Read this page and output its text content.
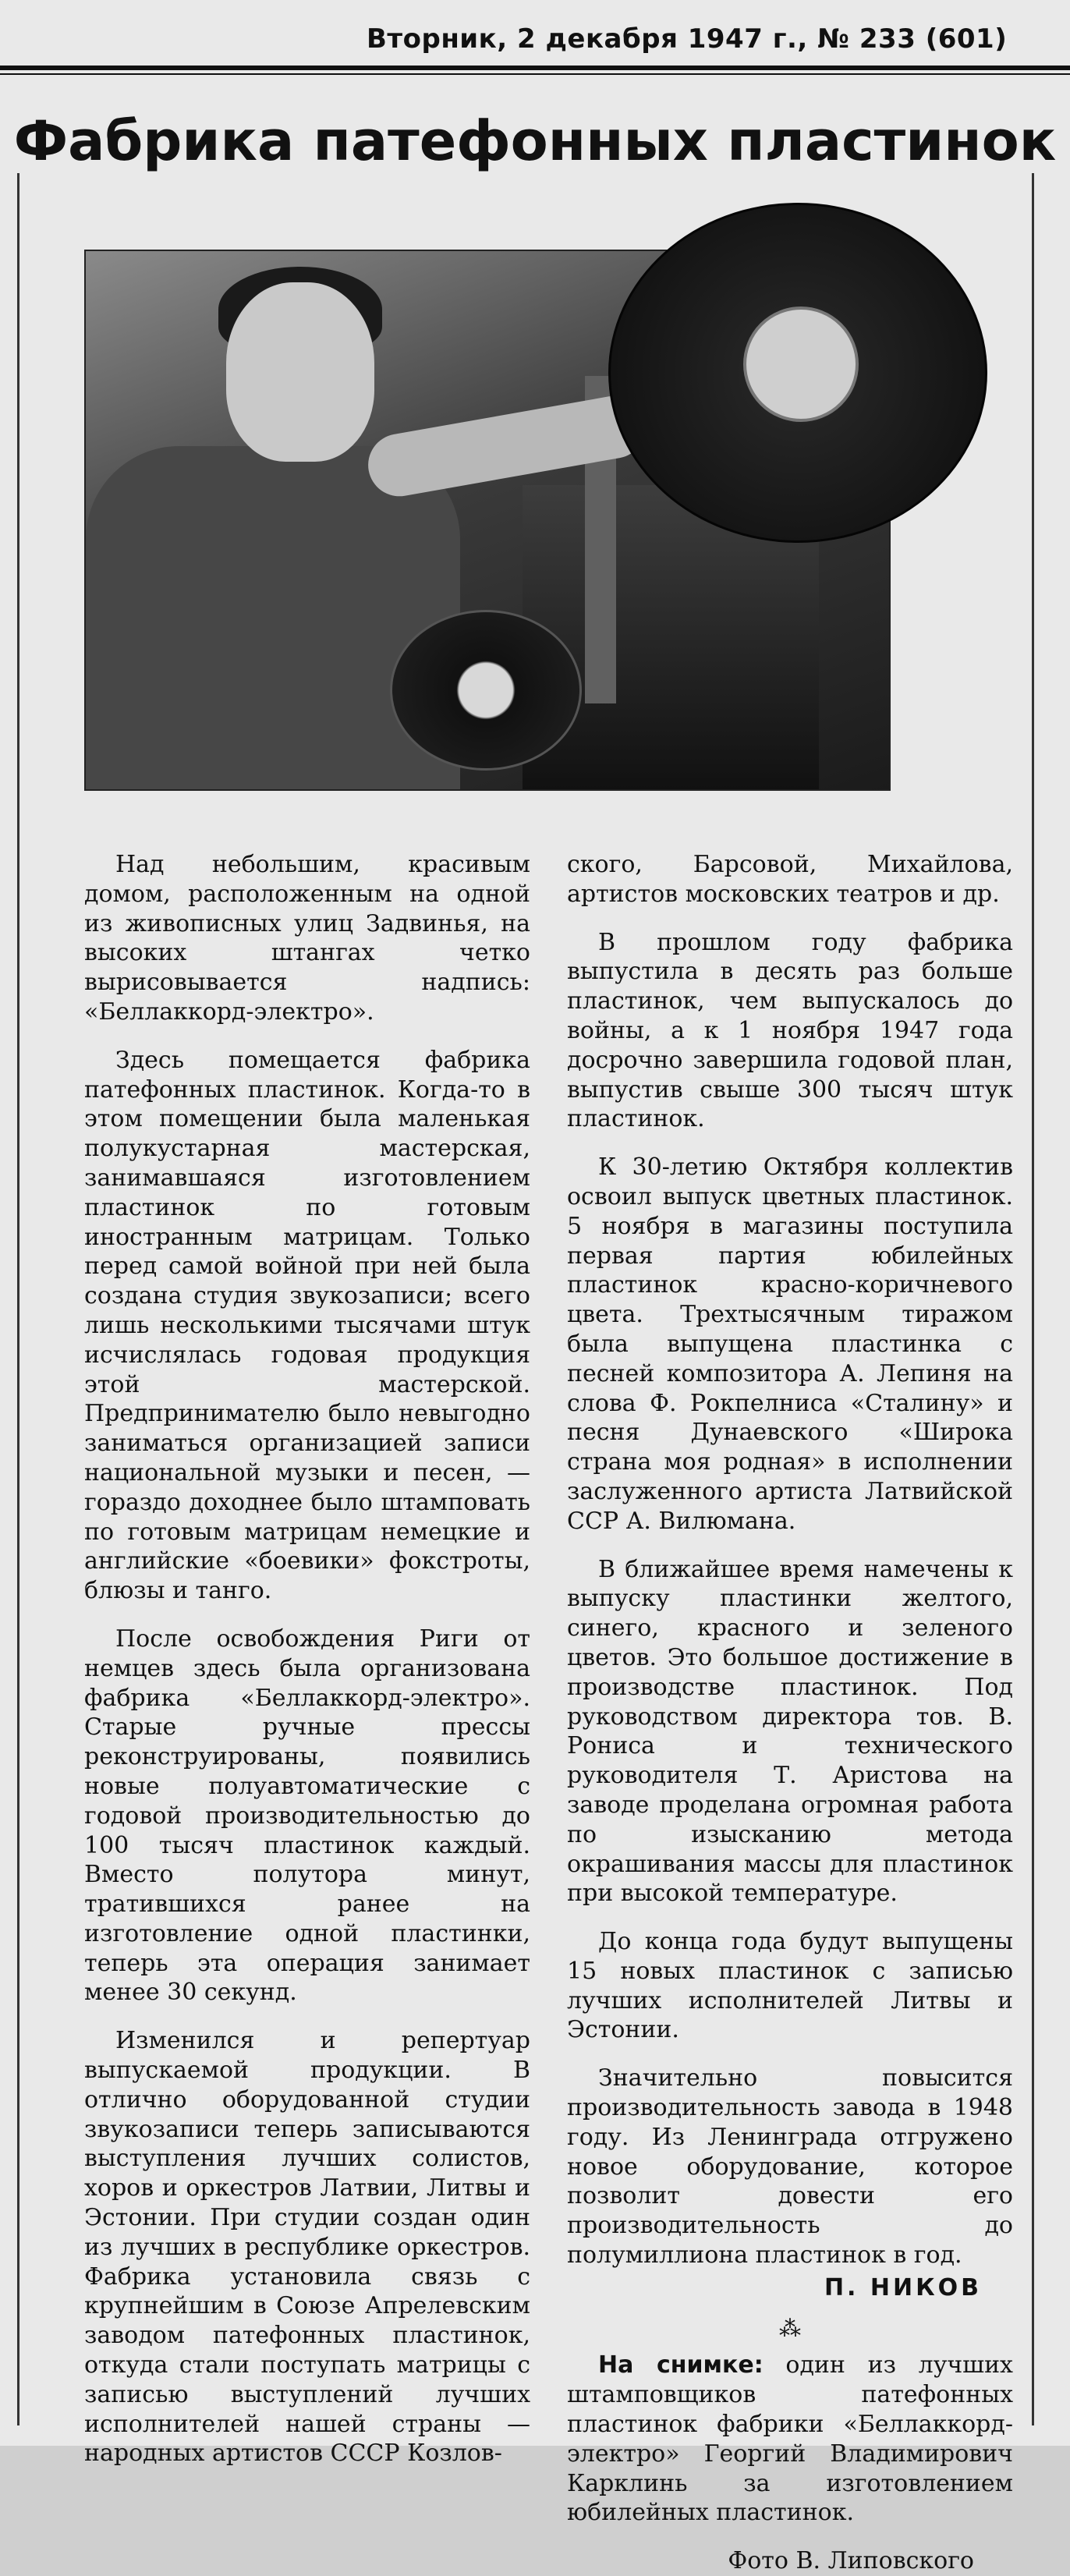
Вторник, 2 декабря 1947 г., № 233 (601)
Фабрика патефонных пластинок

Над небольшим, красивым домом, расположенным на одной из живописных улиц Задвинья, на высоких штангах четко вырисовывается надпись: «Беллаккорд-электро».

Здесь помещается фабрика патефонных пластинок. Когда-то в этом помещении была маленькая полукустарная мастерская, занимавшаяся изготовлением пластинок по готовым иностранным матрицам. Только перед самой войной при ней была создана студия звукозаписи; всего лишь несколькими тысячами штук исчислялась годовая продукция этой мастерской. Предпринимателю было невыгодно заниматься организацией записи национальной музыки и песен, — гораздо доходнее было штамповать по готовым матрицам немецкие и английские «боевики» фокстроты, блюзы и танго.

После освобождения Риги от немцев здесь была организована фабрика «Беллаккорд-электро». Старые ручные прессы реконструированы, появились новые полуавтоматические с годовой производительностью до 100 тысяч пластинок каждый. Вместо полутора минут, тратившихся ранее на изготовление одной пластинки, теперь эта операция занимает менее 30 секунд.

Изменился и репертуар выпускаемой продукции. В отлично оборудованной студии звукозаписи теперь записываются выступления лучших солистов, хоров и оркестров Латвии, Литвы и Эстонии. При студии создан один из лучших в республике оркестров. Фабрика установила связь с крупнейшим в Союзе Апрелевским заводом патефонных пластинок, откуда стали поступать матрицы с записью выступлений лучших исполнителей нашей страны — народных артистов СССР Козлов-

ского, Барсовой, Михайлова, артистов московских театров и др.

В прошлом году фабрика выпустила в десять раз больше пластинок, чем выпускалось до войны, а к 1 ноября 1947 года досрочно завершила годовой план, выпустив свыше 300 тысяч штук пластинок.

К 30-летию Октября коллектив освоил выпуск цветных пластинок. 5 ноября в магазины поступила первая партия юбилейных пластинок красно-коричневого цвета. Трехтысячным тиражом была выпущена пластинка с песней композитора А. Лепиня на слова Ф. Рокпелниса «Сталину» и песня Дунаевского «Широка страна моя родная» в исполнении заслуженного артиста Латвийской ССР А. Вилюмана.

В ближайшее время намечены к выпуску пластинки желтого, синего, красного и зеленого цветов. Это большое достижение в производстве пластинок. Под руководством директора тов. В. Рониса и технического руководителя Т. Аристова на заводе проделана огромная работа по изысканию метода окрашивания массы для пластинок при высокой температуре.

До конца года будут выпущены 15 новых пластинок с записью лучших исполнителей Литвы и Эстонии.

Значительно повысится производительность завода в 1948 году. Из Ленинграда отгружено новое оборудование, которое позволит довести его производительность до полумиллиона пластинок в год.

П. НИКОВ
⁂

На снимке: один из лучших штамповщиков патефонных пластинок фабрики «Беллаккорд-электро» Георгий Владимирович Карклинь за изготовлением юбилейных пластинок.

Фото В. Липовского
